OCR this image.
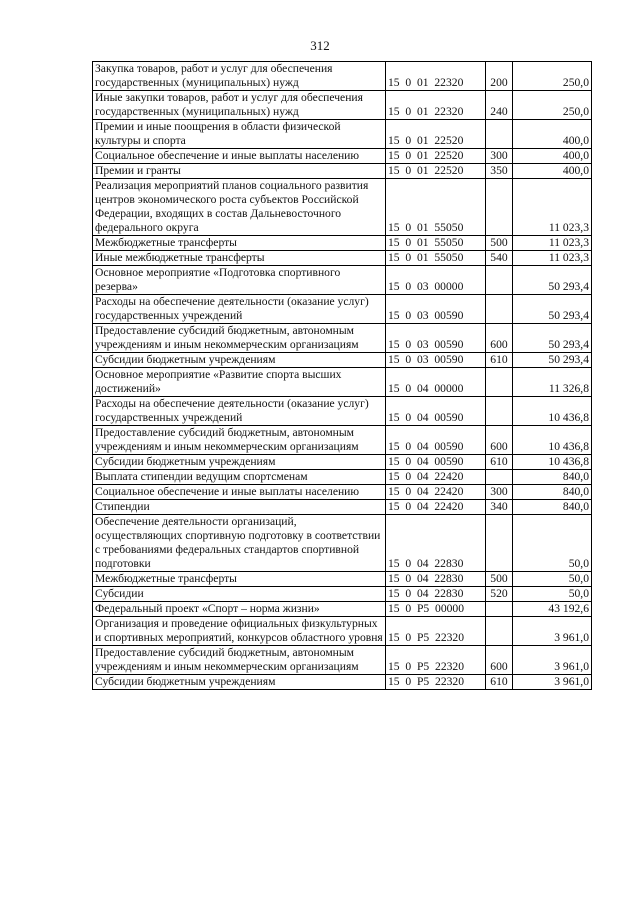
312
Закупка товаров, работ и услуг для обеспечения государственных (муниципальных) нужд	15  0  01  22320	200	250,0
Иные закупки товаров, работ и услуг для обеспечения государственных (муниципальных) нужд	15  0  01  22320	240	250,0
Премии и иные поощрения в области физической культуры и спорта	15  0  01  22520		400,0
Социальное обеспечение и иные выплаты населению	15  0  01  22520	300	400,0
Премии и гранты	15  0  01  22520	350	400,0
Реализация мероприятий планов социального развития центров экономического роста субъектов Российской Федерации, входящих в состав Дальневосточного федерального округа	15  0  01  55050		11 023,3
Межбюджетные трансферты	15  0  01  55050	500	11 023,3
Иные межбюджетные трансферты	15  0  01  55050	540	11 023,3
Основное мероприятие «Подготовка спортивного резерва»	15  0  03  00000		50 293,4
Расходы на обеспечение деятельности (оказание услуг) государственных учреждений	15  0  03  00590		50 293,4
Предоставление субсидий бюджетным, автономным учреждениям и иным некоммерческим организациям	15  0  03  00590	600	50 293,4
Субсидии бюджетным учреждениям	15  0  03  00590	610	50 293,4
Основное мероприятие «Развитие спорта высших достижений»	15  0  04  00000		11 326,8
Расходы на обеспечение деятельности (оказание услуг) государственных учреждений	15  0  04  00590		10 436,8
Предоставление субсидий бюджетным, автономным учреждениям и иным некоммерческим организациям	15  0  04  00590	600	10 436,8
Субсидии бюджетным учреждениям	15  0  04  00590	610	10 436,8
Выплата стипендии ведущим спортсменам	15  0  04  22420		840,0
Социальное обеспечение и иные выплаты населению	15  0  04  22420	300	840,0
Стипендии	15  0  04  22420	340	840,0
Обеспечение деятельности организаций, осуществляющих спортивную подготовку в соответствии с требованиями федеральных стандартов спортивной подготовки	15  0  04  22830		50,0
Межбюджетные трансферты	15  0  04  22830	500	50,0
Субсидии	15  0  04  22830	520	50,0
Федеральный проект «Спорт – норма жизни»	15  0  P5  00000		43 192,6
Организация и проведение официальных физкультурных и спортивных мероприятий, конкурсов областного уровня	15  0  P5  22320		3 961,0
Предоставление субсидий бюджетным, автономным учреждениям и иным некоммерческим организациям	15  0  P5  22320	600	3 961,0
Субсидии бюджетным учреждениям	15  0  P5  22320	610	3 961,0
